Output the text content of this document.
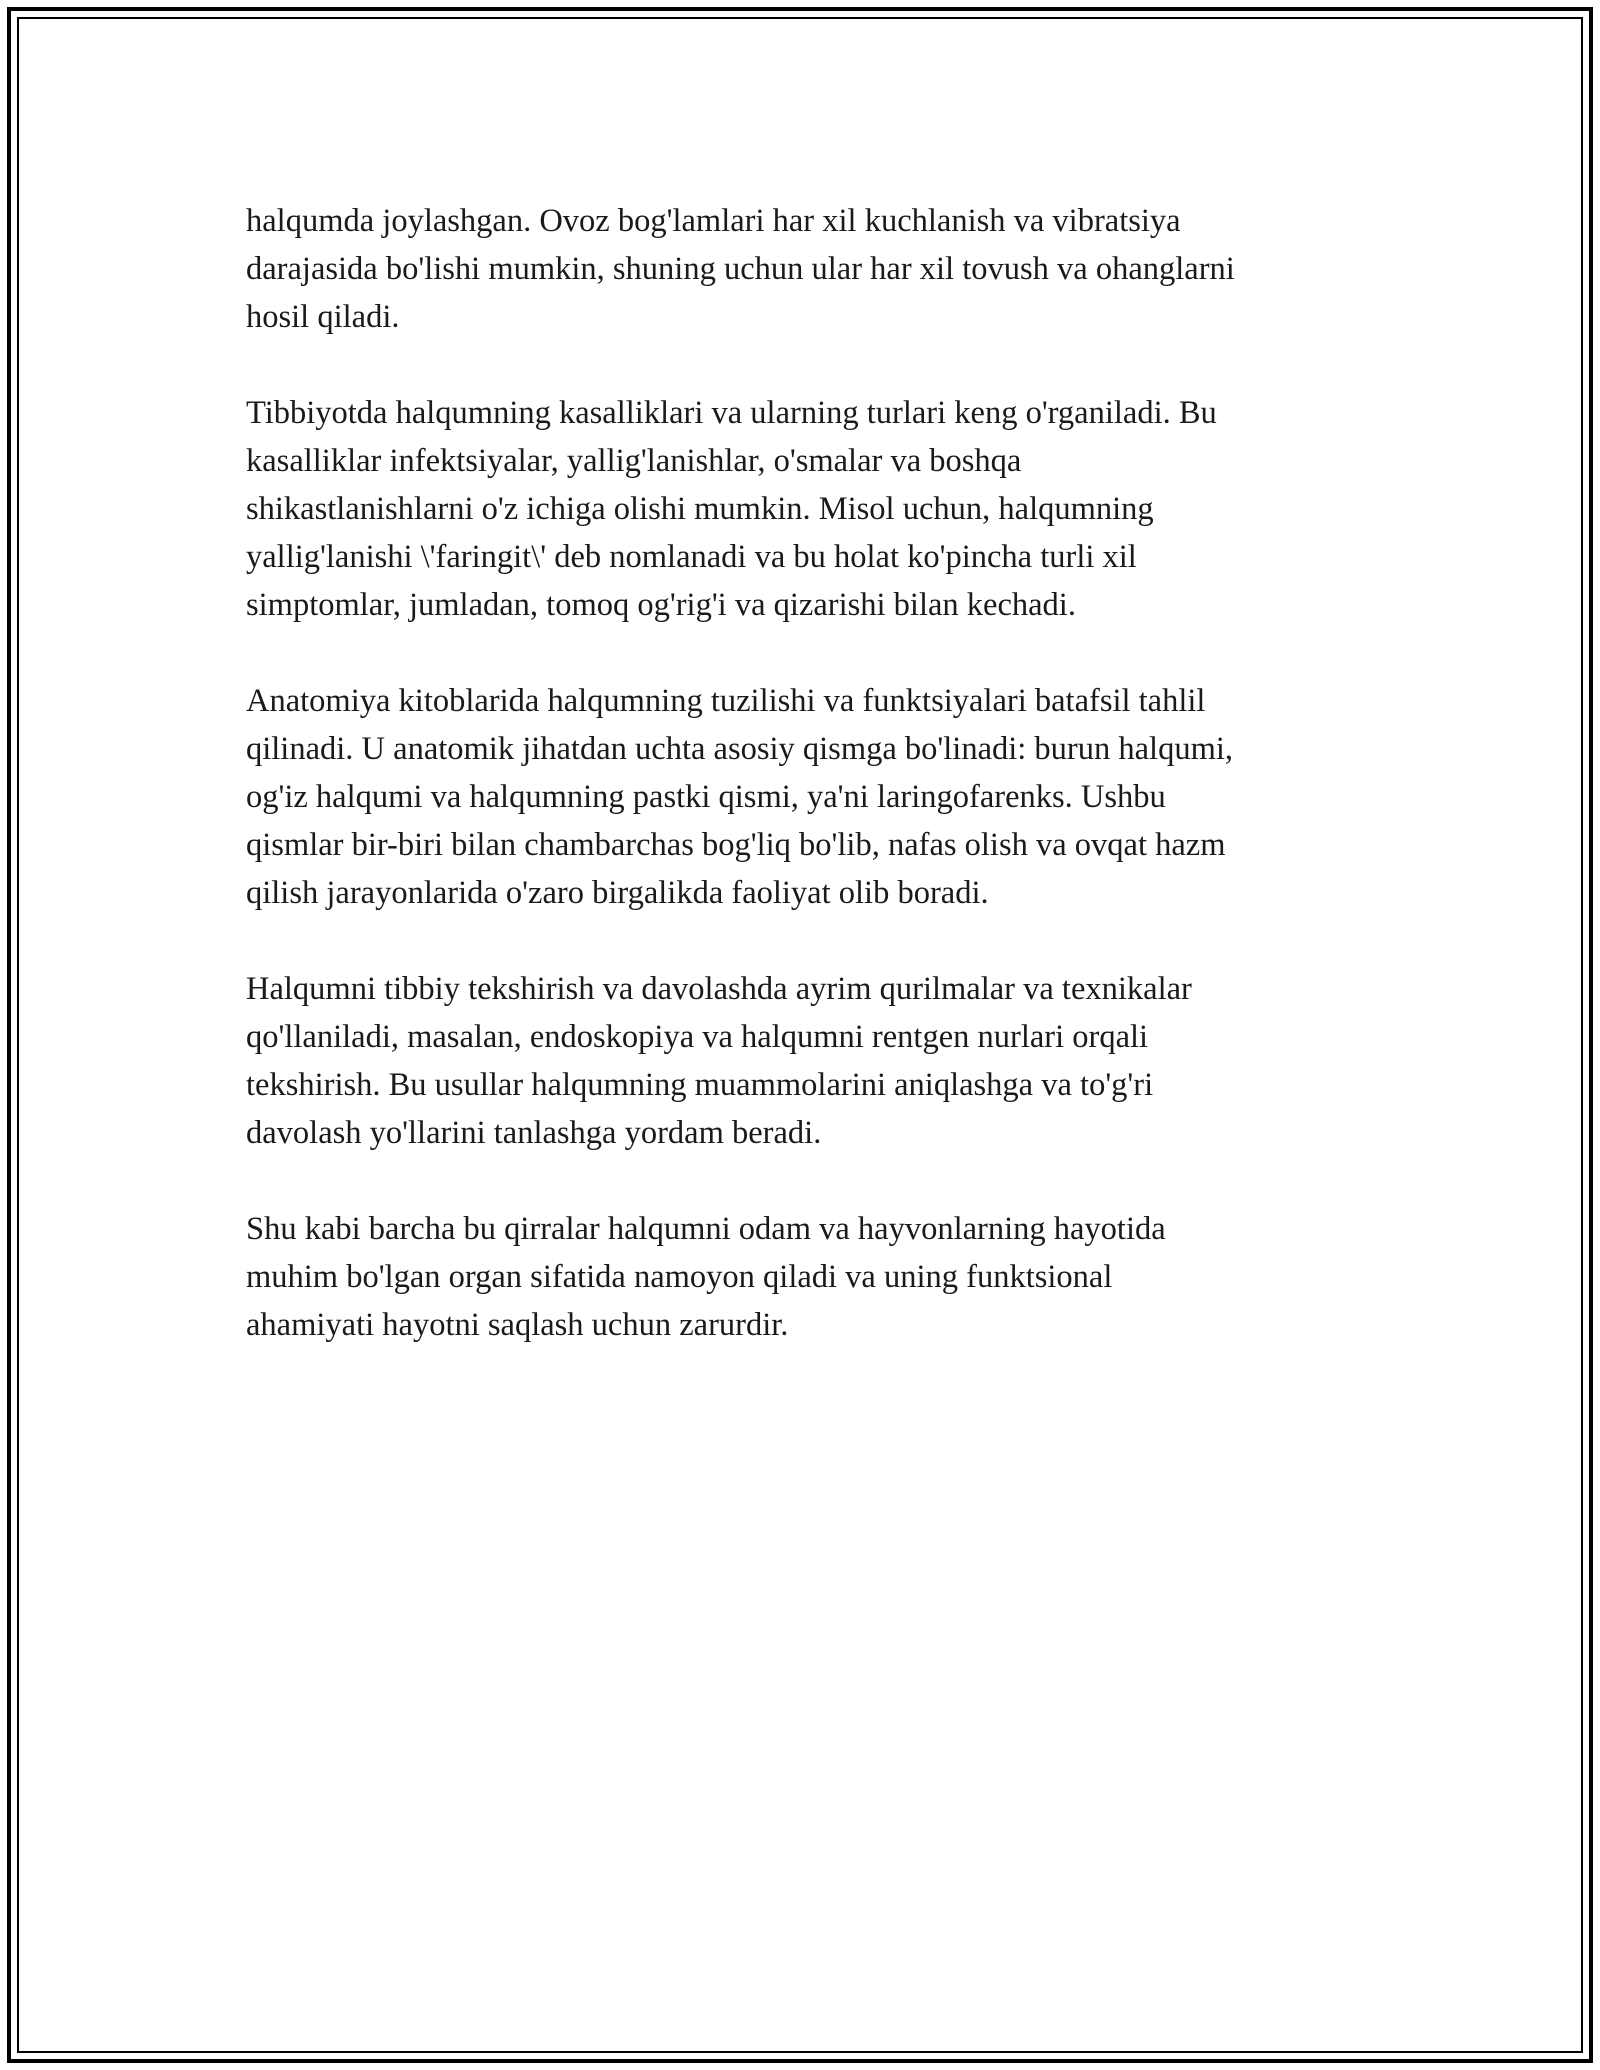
halqumda joylashgan. Ovoz bog'lamlari har xil kuchlanish va vibratsiya
darajasida bo'lishi mumkin, shuning uchun ular har xil tovush va ohanglarni
hosil qiladi.

Tibbiyotda halqumning kasalliklari va ularning turlari keng o'rganiladi. Bu
kasalliklar infektsiyalar, yallig'lanishlar, o'smalar va boshqa
shikastlanishlarni o'z ichiga olishi mumkin. Misol uchun, halqumning
yallig'lanishi \'faringit\' deb nomlanadi va bu holat ko'pincha turli xil
simptomlar, jumladan, tomoq og'rig'i va qizarishi bilan kechadi.

Anatomiya kitoblarida halqumning tuzilishi va funktsiyalari batafsil tahlil
qilinadi. U anatomik jihatdan uchta asosiy qismga bo'linadi: burun halqumi,
og'iz halqumi va halqumning pastki qismi, ya'ni laringofarenks. Ushbu
qismlar bir-biri bilan chambarchas bog'liq bo'lib, nafas olish va ovqat hazm
qilish jarayonlarida o'zaro birgalikda faoliyat olib boradi.

Halqumni tibbiy tekshirish va davolashda ayrim qurilmalar va texnikalar
qo'llaniladi, masalan, endoskopiya va halqumni rentgen nurlari orqali
tekshirish. Bu usullar halqumning muammolarini aniqlashga va to'g'ri
davolash yo'llarini tanlashga yordam beradi.

Shu kabi barcha bu qirralar halqumni odam va hayvonlarning hayotida
muhim bo'lgan organ sifatida namoyon qiladi va uning funktsional
ahamiyati hayotni saqlash uchun zarurdir.
